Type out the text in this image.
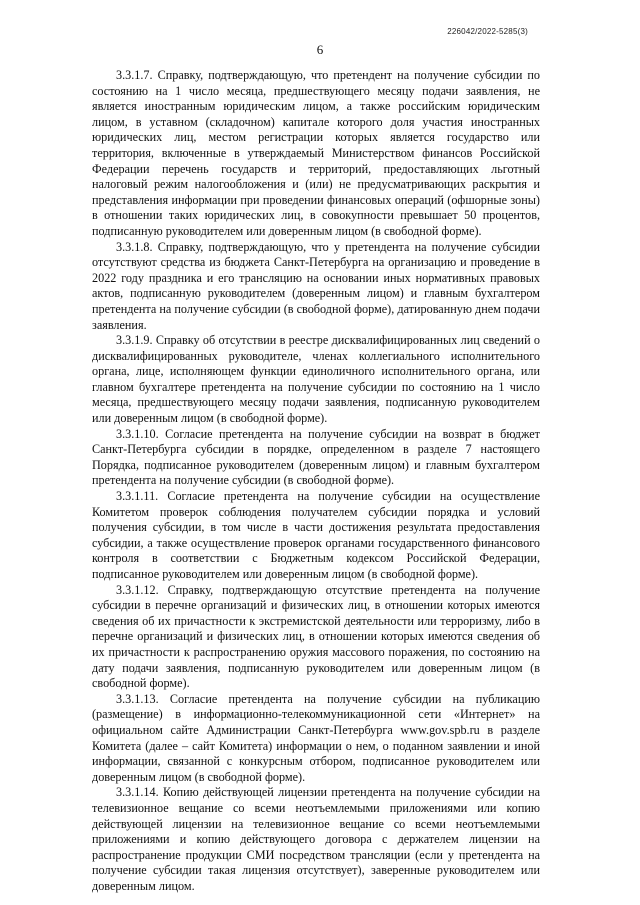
226042/2022-5285(3)
6

3.3.1.7. Справку, подтверждающую, что претендент на получение субсидии по состоянию на 1 число месяца, предшествующего месяцу подачи заявления, не является иностранным юридическим лицом, а также российским юридическим лицом, в уставном (складочном) капитале которого доля участия иностранных юридических лиц, местом регистрации которых является государство или территория, включенные в утверждаемый Министерством финансов Российской Федерации перечень государств и территорий, предоставляющих льготный налоговый режим налогообложения и (или) не предусматривающих раскрытия и представления информации при проведении финансовых операций (офшорные зоны) в отношении таких юридических лиц, в совокупности превышает 50 процентов, подписанную руководителем или доверенным лицом (в свободной форме).

3.3.1.8. Справку, подтверждающую, что у претендента на получение субсидии отсутствуют средства из бюджета Санкт-Петербурга на организацию и проведение в 2022 году праздника и его трансляцию на основании иных нормативных правовых актов, подписанную руководителем (доверенным лицом) и главным бухгалтером претендента на получение субсидии (в свободной форме), датированную днем подачи заявления.

3.3.1.9. Справку об отсутствии в реестре дисквалифицированных лиц сведений о дисквалифицированных руководителе, членах коллегиального исполнительного органа, лице, исполняющем функции единоличного исполнительного органа, или главном бухгалтере претендента на получение субсидии по состоянию на 1 число месяца, предшествующего месяцу подачи заявления, подписанную руководителем или доверенным лицом (в свободной форме).

3.3.1.10. Согласие претендента на получение субсидии на возврат в бюджет Санкт-Петербурга субсидии в порядке, определенном в разделе 7 настоящего Порядка, подписанное руководителем (доверенным лицом) и главным бухгалтером претендента на получение субсидии (в свободной форме).

3.3.1.11. Согласие претендента на получение субсидии на осуществление Комитетом проверок соблюдения получателем субсидии порядка и условий получения субсидии, в том числе в части достижения результата предоставления субсидии, а также осуществление проверок органами государственного финансового контроля в соответствии с Бюджетным кодексом Российской Федерации, подписанное руководителем или доверенным лицом (в свободной форме).

3.3.1.12. Справку, подтверждающую отсутствие претендента на получение субсидии в перечне организаций и физических лиц, в отношении которых имеются сведения об их причастности к экстремистской деятельности или терроризму, либо в перечне организаций и физических лиц, в отношении которых имеются сведения об их причастности к распространению оружия массового поражения, по состоянию на дату подачи заявления, подписанную руководителем или доверенным лицом (в свободной форме).

3.3.1.13. Согласие претендента на получение субсидии на публикацию (размещение) в информационно-телекоммуникационной сети «Интернет» на официальном сайте Администрации Санкт-Петербурга www.gov.spb.ru в разделе Комитета (далее – сайт Комитета) информации о нем, о поданном заявлении и иной информации, связанной с конкурсным отбором, подписанное руководителем или доверенным лицом (в свободной форме).

3.3.1.14. Копию действующей лицензии претендента на получение субсидии на телевизионное вещание со всеми неотъемлемыми приложениями или копию действующей лицензии на телевизионное вещание со всеми неотъемлемыми приложениями и копию действующего договора с держателем лицензии на распространение продукции СМИ посредством трансляции (если у претендента на получение субсидии такая лицензия отсутствует), заверенные руководителем или доверенным лицом.
